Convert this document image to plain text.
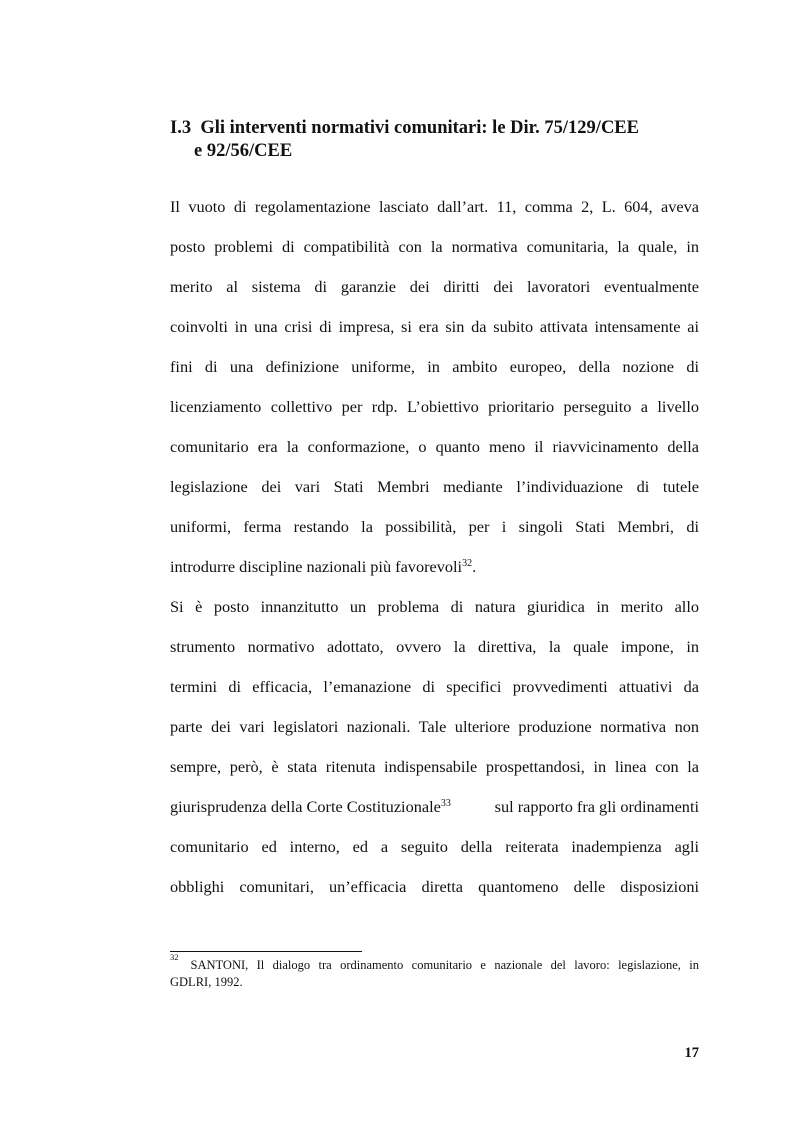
I.3 Gli interventi normativi comunitari: le Dir. 75/129/CEE
e 92/56/CEE
Il vuoto di regolamentazione lasciato dall’art. 11, comma 2, L. 604, aveva
posto problemi di compatibilità con la normativa comunitaria, la quale, in
merito al sistema di garanzie dei diritti dei lavoratori eventualmente
coinvolti in una crisi di impresa, si era sin da subito attivata intensamente ai
fini di una definizione uniforme, in ambito europeo, della nozione di
licenziamento collettivo per rdp. L’obiettivo prioritario perseguito a livello
comunitario era la conformazione, o quanto meno il riavvicinamento della
legislazione dei vari Stati Membri mediante l’individuazione di tutele
uniformi, ferma restando la possibilità, per i singoli Stati Membri, di
introdurre discipline nazionali più favorevoli$^{32}$.
Si è posto innanzitutto un problema di natura giuridica in merito allo
strumento normativo adottato, ovvero la direttiva, la quale impone, in
termini di efficacia, l’emanazione di specifici provvedimenti attuativi da
parte dei vari legislatori nazionali. Tale ulteriore produzione normativa non
sempre, però, è stata ritenuta indispensabile prospettandosi, in linea con la
giurisprudenza della Corte Costituzionale$^{33}$	sul rapporto fra gli ordinamenti
comunitario ed interno, ed a seguito della reiterata inadempienza agli
obblighi comunitari, un’efficacia diretta quantomeno delle disposizioni
32
SANTONI, Il dialogo tra ordinamento comunitario e nazionale del lavoro: legislazione, in
GDLRI, 1992.
17
